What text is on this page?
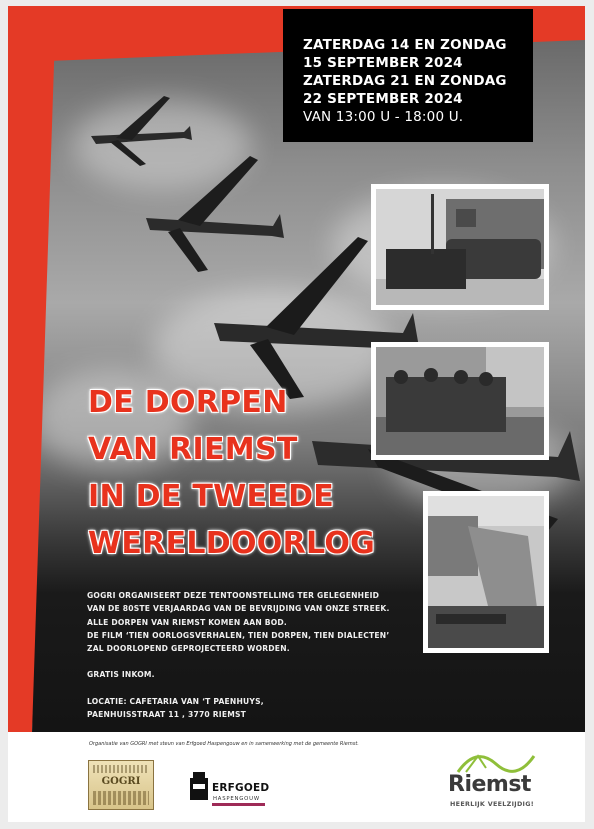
ZATERDAG 14 EN ZONDAG
15 SEPTEMBER 2024
ZATERDAG 21 EN ZONDAG
22 SEPTEMBER 2024
VAN 13:00 U - 18:00 U.
DE DORPEN
VAN RIEMST
IN DE TWEEDE
WERELDOORLOG
GOGRI ORGANISEERT DEZE TENTOONSTELLING TER GELEGENHEID
VAN DE 80STE VERJAARDAG VAN DE BEVRIJDING VAN ONZE STREEK.
ALLE DORPEN VAN RIEMST KOMEN AAN BOD.
DE FILM ‘TIEN OORLOGSVERHALEN, TIEN DORPEN, TIEN DIALECTEN’
ZAL DOORLOPEND GEPROJECTEERD WORDEN.
GRATIS INKOM.
LOCATIE: CAFETARIA VAN ‘T PAENHUYS,
PAENHUISSTRAAT 11 , 3770 RIEMST
Organisatie van GOGRI met steun van Erfgoed Haspengouw en in samenwerking met de gemeente Riemst.
GOGRI
ERFGOED
HASPENGOUW
Riemst
HEERLIJK VEELZIJDIG!
